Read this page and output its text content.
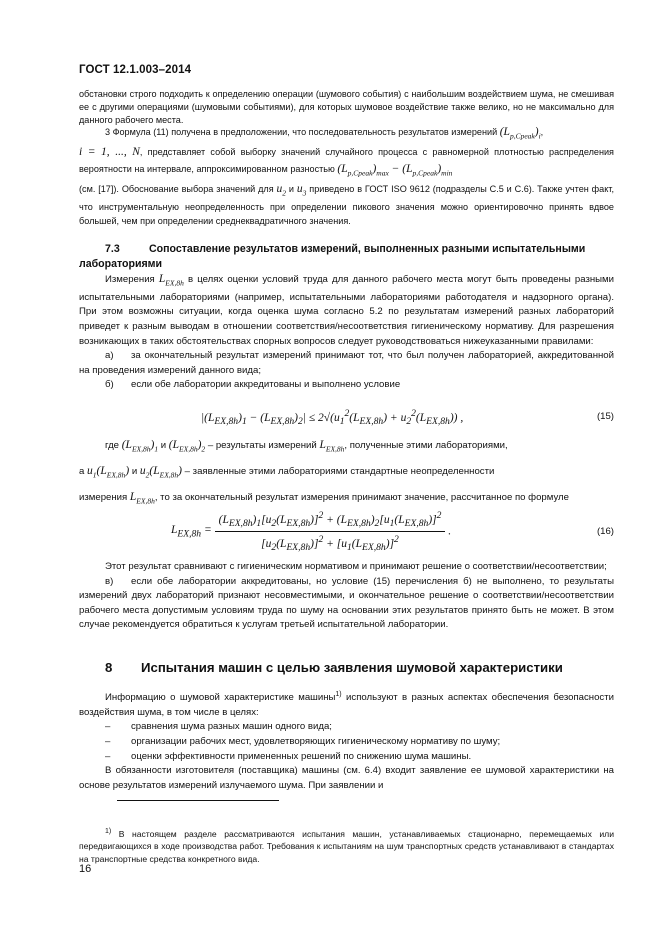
ГОСТ 12.1.003–2014

обстановки строго подходить к определению операции (шумового события) с наибольшим воздействием шума, не смешивая ее с другими операциями (шумовыми событиями), для которых шумовое воздействие также велико, но не максимально для данного рабочего места.

3 Формула (11) получена в предположении, что последовательность результатов измерений $(L_{p,Cpeak})_i$,

i = 1, ..., N, представляет собой выборку значений случайного процесса с равномерной плотностью распределения вероятности на интервале, аппроксимированном разностью $(L_{p,Cpeak})_{max} - (L_{p,Cpeak})_{min}$

(см. [17]). Обоснование выбора значений для $u_2$ и $u_3$ приведено в ГОСТ ISO 9612 (подразделы С.5 и С.6). Также учтен факт, что инструментальную неопределенность при определении пикового значения можно ориентировочно принять вдвое большей, чем при определении среднеквадратичного значения.

7.3	Сопоставление результатов измерений, выполненных разными испытательными лабораториями

Измерения $L_{EX,8h}$ в целях оценки условий труда для данного рабочего места могут быть проведены разными испытательными лабораториями (например, испытательными лабораториями работодателя и надзорного органа). При этом возможны ситуации, когда оценка шума согласно 5.2 по результатам измерений разных лабораторий приведет к разным выводам в отношении соответствия/несоответствия гигиеническому нормативу. Для разрешения возникающих в таких обстоятельствах спорных вопросов следует руководствоваться нижеуказанными правилами:

а) за окончательный результат измерений принимают тот, что был получен лабораторией, аккредитованной на проведения измерений данного вида;

б) если обе лаборатории аккредитованы и выполнено условие

$|(L_{EX,8h})_1 - (L_{EX,8h})_2| \le 2√(u_1^2(L_{EX,8h}) + u_2^2(L_{EX,8h}))$ ,	(15)

где $(L_{EX,8h})_1$ и $(L_{EX,8h})_2$ – результаты измерений $L_{EX,8h}$, полученные этими лабораториями,

а $u_1(L_{EX,8h})$ и $u_2(L_{EX,8h})$ – заявленные этими лабораториями стандартные неопределенности

измерения $L_{EX,8h}$, то за окончательный результат измерения принимают значение, рассчитанное по формуле

$L_{EX,8h} = \frac{(L_{EX,8h})_1[u_2(L_{EX,8h})]^2 + (L_{EX,8h})_2[u_1(L_{EX,8h})]^2}{[u_2(L_{EX,8h})]^2 + [u_1(L_{EX,8h})]^2}$ .	(16)

Этот результат сравнивают с гигиеническим нормативом и принимают решение о соответствии/несоответствии;

в) если обе лаборатории аккредитованы, но условие (15) перечисления б) не выполнено, то результаты измерений двух лабораторий признают несовместимыми, и окончательное решение о соответствии/несоответствии рабочего места допустимым условиям труда по шуму на основании этих результатов принято быть не может. В этом случае рекомендуется обратиться к услугам третьей испытательной лаборатории.

8 Испытания машин с целью заявления шумовой характеристики

Информацию о шумовой характеристике машины$^{1)}$ используют в разных аспектах обеспечения безопасности воздействия шума, в том числе в целях:

– сравнения шума разных машин одного вида;

– организации рабочих мест, удовлетворяющих гигиеническому нормативу по шуму;

– оценки эффективности примененных решений по снижению шума машины.

В обязанности изготовителя (поставщика) машины (см. 6.4) входит заявление ее шумовой характеристики на основе результатов измерений излучаемого шума. При заявлении и

$^{1)}$ В настоящем разделе рассматриваются испытания машин, устанавливаемых стационарно, перемещаемых или передвигающихся в ходе производства работ. Требования к испытаниям на шум транспортных средств устанавливают в стандартах на транспортные средства конкретного вида.

16
